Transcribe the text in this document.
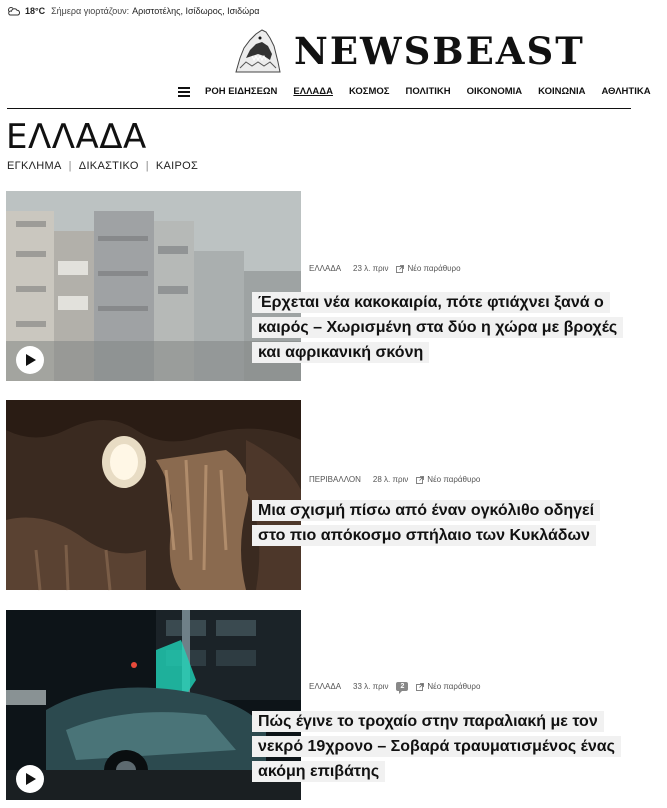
18°C Σήμερα γιορτάζουν: Αριστοτέλης, Ισίδωρος, Ισιδώρα
NEWSBEAST
ΡΟΗ ΕΙΔΗΣΕΩΝ ΕΛΛΑΔΑ ΚΟΣΜΟΣ ΠΟΛΙΤΙΚΗ ΟΙΚΟΝΟΜΙΑ ΚΟΙΝΩΝΙΑ ΑΘΛΗΤΙΚΑ
ΕΛΛΑΔΑ
ΕΓΚΛΗΜΑ | ΔΙΚΑΣΤΙΚΟ | ΚΑΙΡΟΣ
ΕΛΛΑΔΑ 23 λ. πριν Νέο παράθυρο
Έρχεται νέα κακοκαιρία, πότε φτιάχνει ξανά ο καιρός – Χωρισμένη στα δύο η χώρα με βροχές και αφρικανική σκόνη
ΠΕΡΙΒΑΛΛΟΝ 28 λ. πριν Νέο παράθυρο
Μια σχισμή πίσω από έναν ογκόλιθο οδηγεί στο πιο απόκοσμο σπήλαιο των Κυκλάδων
ΕΛΛΑΔΑ 33 λ. πριν	2	Νέο παράθυρο
Πώς έγινε το τροχαίο στην παραλιακή με τον νεκρό 19χρονο – Σοβαρά τραυματισμένος ένας ακόμη επιβάτης
